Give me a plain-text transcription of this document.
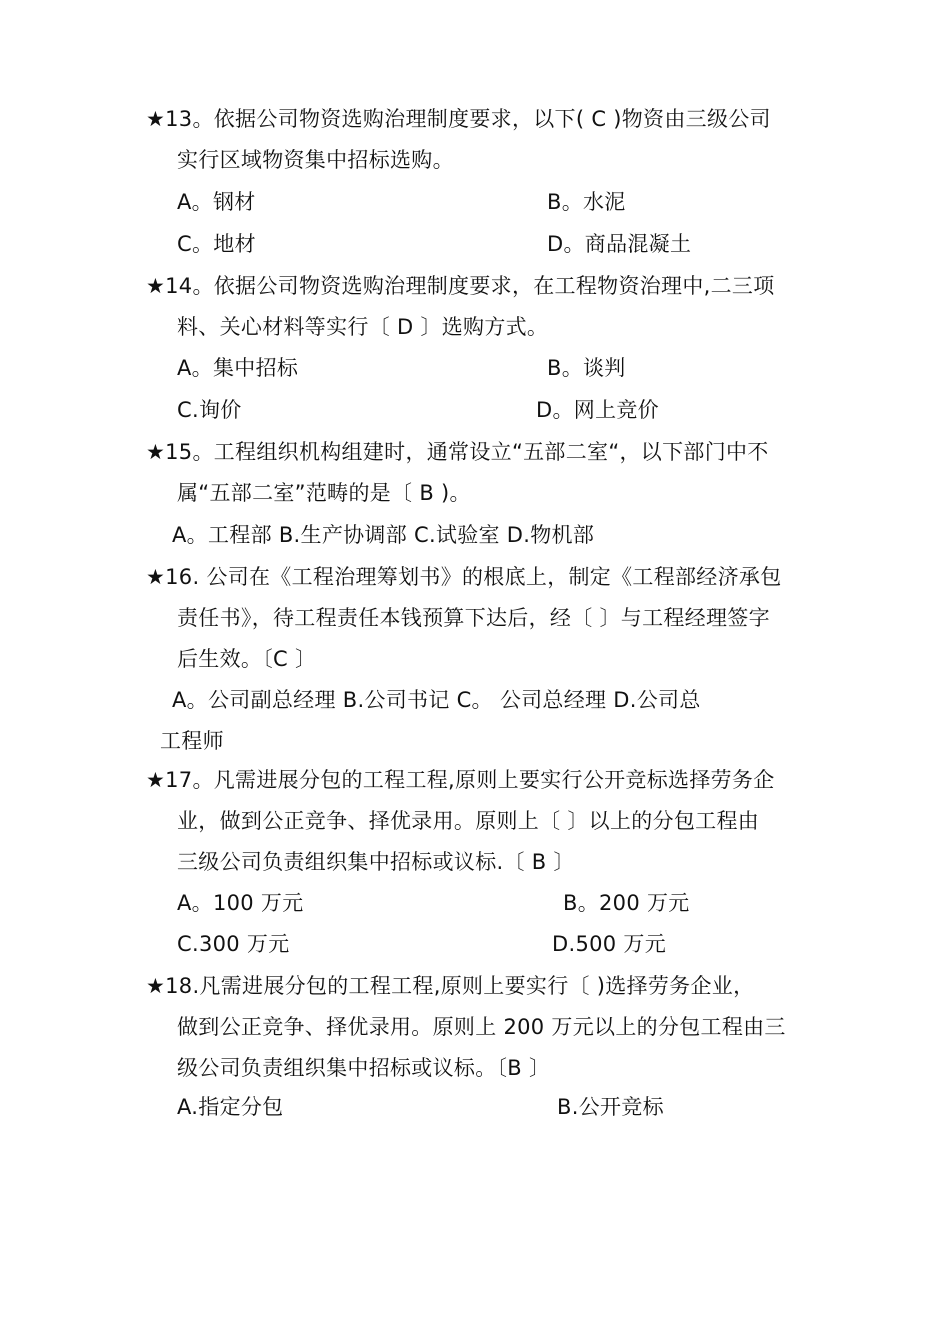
★13。依据公司物资选购治理制度要求，以下( C )物资由三级公司
实行区域物资集中招标选购。
A。钢材	B。水泥
C。地材	D。商品混凝土
★14。依据公司物资选购治理制度要求，在工程物资治理中,二三项
料、关心材料等实行〔 D 〕选购方式。
A。集中招标	B。谈判
C.询价	D。网上竞价
★15。工程组织机构组建时，通常设立“五部二室“，以下部门中不
属“五部二室”范畴的是〔 B )。
A。工程部 B.生产协调部 C.试验室 D.物机部
★16. 公司在《工程治理筹划书》的根底上，制定《工程部经济承包
责任书》，待工程责任本钱预算下达后，经〔 〕与工程经理签字
后生效。〔C 〕
A。公司副总经理 B.公司书记 C。 公司总经理 D.公司总
工程师
★17。凡需进展分包的工程工程,原则上要实行公开竞标选择劳务企
业，做到公正竞争、择优录用。原则上〔 〕以上的分包工程由
三级公司负责组织集中招标或议标.〔 B 〕
A。100 万元	B。200 万元
C.300 万元	D.500 万元
★18.凡需进展分包的工程工程,原则上要实行〔 )选择劳务企业，
做到公正竞争、择优录用。原则上 200 万元以上的分包工程由三
级公司负责组织集中招标或议标。〔B 〕
A.指定分包	B.公开竞标
